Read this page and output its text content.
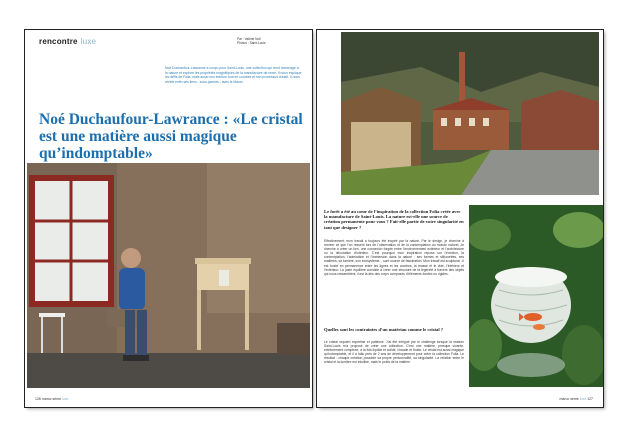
rencontre luxe	Par : Valérie Noll
Photos : Saint-Louis
Noé Duchaufour-Lawrance a conçu pour Saint-Louis, une collection qui rend hommage à la nature et explore les propriétés magnifiques de la manufacture de verre. Il nous explique les défis de Folia, mais aussi son écriture tout en courbes et son processus créatif. Il nous révèle enfin ses liens - sous-jacents - avec le Maroc.
Noé Duchaufour-Lawrance : «Le cristal est une matière aussi magique qu’indomptable»
126 maroc sème luxe
Le forêt a été au cœur de l’inspiration de la collection Folia créée avec la manufacture de Saint-Louis. La nature est-elle une source de création permanente pour vous ? Fait-elle partie de votre singularité en tant que designer ?
Effectivement, mon travail a toujours été inspiré par la nature. Par le design, je cherche à recréer ce que l’on ressent lors de l’observation et de la contemplation du monde naturel. Je cherche à créer un lien, une connexion forgée entre l’environnement extérieur et l’architecture ou la décoration d’intérieur. C’est pourquoi mon inspiration repose sur l’émotion, la contemplation, l’admiration et l’immersion dans la nature : ses formes et silhouettes, ses matières, sa lumière, son écosystème... sont source de fascination. Mon travail est sculptural : il est fondé en permanence entre les lignes et les courbes, la masse et le vide, l’intérieur et l’extérieur. La juste équilibre consiste à créer une structure de la légèreté à travers des objets qui nous ressemblent, il est là dès des corps composés d’éléments fondés ou rigides.
Quelles sont les contraintes d’un matériau comme le cristal ?
Le cristal requiert expertise et patience. J’ai été intrigué par le challenge lorsque la maison Saint-Louis m’a proposé de créer une collection. C’est une matière, presque vivante, extrêmement complexe, à la fois liquide et solide, chaude et froide. Le cristal est aussi magique qu’indomptable, et il a fallu près de 2 ans de développement pour créer la collection Folia. Le résultat : chaque création possède sa propre personnalité, sa singularité. La relation entre le cristal et la lumière est intuitive, mais le poids de la matière
maroc sème luxe 127
